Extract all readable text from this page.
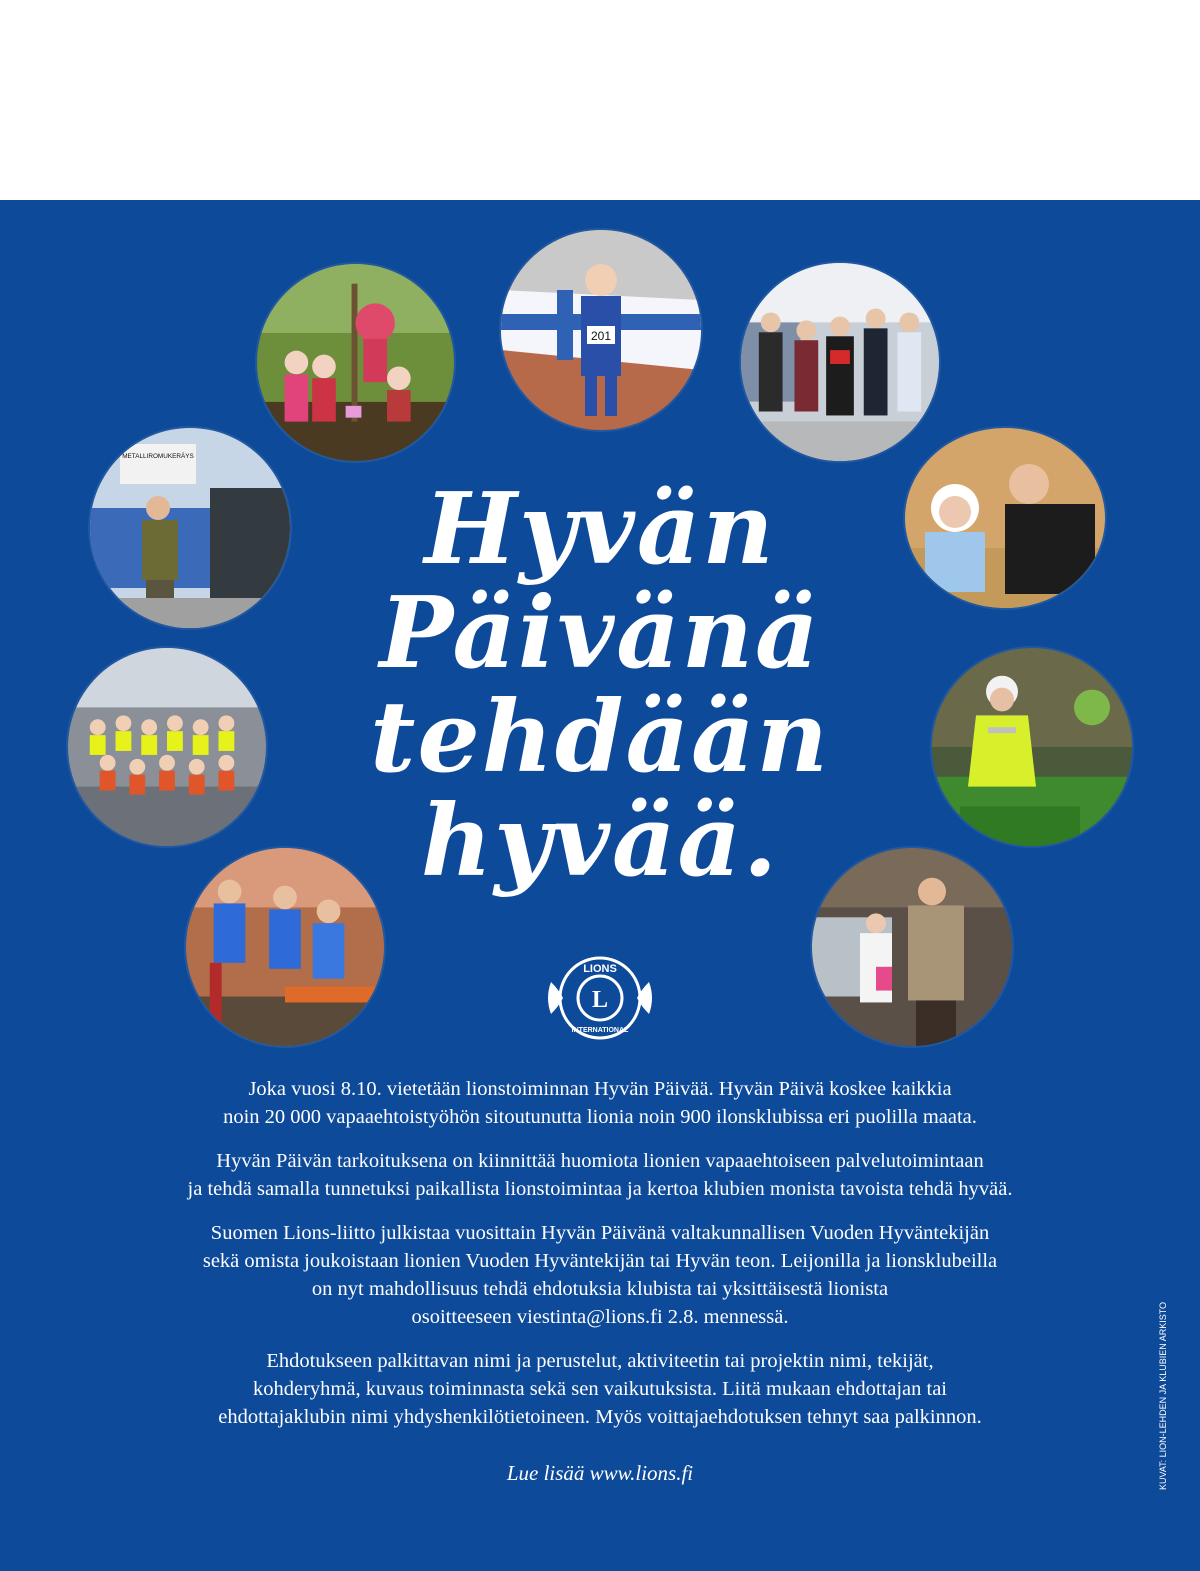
201
METALLIROMUKERÄYS
Hyvän
Päivänä
tehdään
hyvää.
LIONS
L
INTERNATIONAL

Joka vuosi 8.10. vietetään lionstoiminnan Hyvän Päivää. Hyvän Päivä koskee kaikkia
noin 20 000 vapaaehtoistyöhön sitoutunutta lionia noin 900 ilonsklubissa eri puolilla maata.

Hyvän Päivän tarkoituksena on kiinnittää huomiota lionien vapaaehtoiseen palvelutoimintaan
ja tehdä samalla tunnetuksi paikallista lionstoimintaa ja kertoa klubien monista tavoista tehdä hyvää.

Suomen Lions-liitto julkistaa vuosittain Hyvän Päivänä valtakunnallisen Vuoden Hyväntekijän
sekä omista joukoistaan lionien Vuoden Hyväntekijän tai Hyvän teon. Leijonilla ja lionsklubeilla
on nyt mahdollisuus tehdä ehdotuksia klubista tai yksittäisestä lionista
osoitteeseen viestinta@lions.fi 2.8. mennessä.

Ehdotukseen palkittavan nimi ja perustelut, aktiviteetin tai projektin nimi, tekijät,
kohderyhmä, kuvaus toiminnasta sekä sen vaikutuksista. Liitä mukaan ehdottajan tai
ehdottajaklubin nimi yhdyshenkilötietoineen. Myös voittajaehdotuksen tehnyt saa palkinnon.

Lue lisää www.lions.fi	KUVAT: LION-LEHDEN JA KLUBIEN ARKISTO
